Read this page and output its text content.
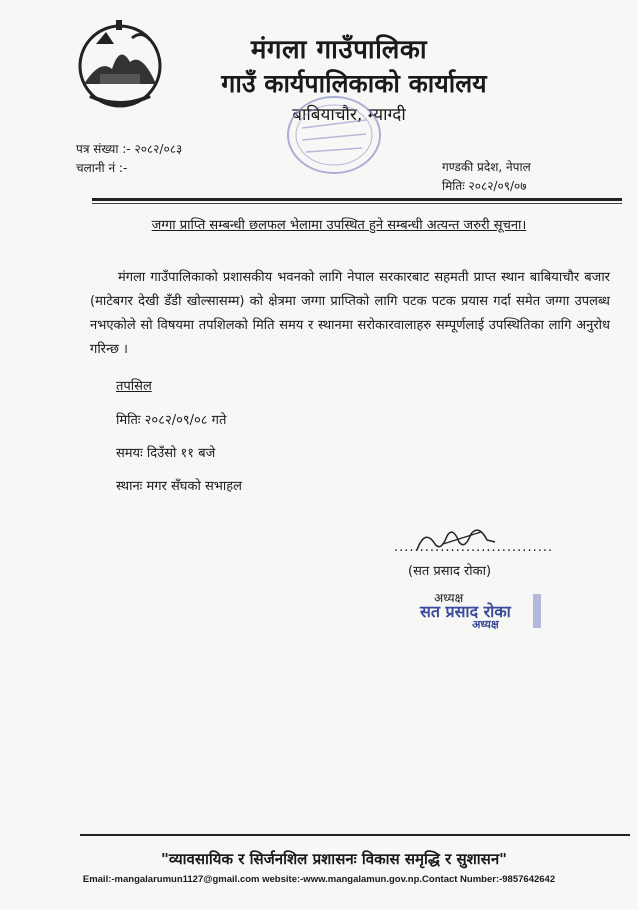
मंगला गाउँपालिका
गाउँ कार्यपालिकाको कार्यालय
बाबियाचौर, म्याग्दी
पत्र संख्या :- २०८२/०८३
चलानी नं :-	गण्डकी प्रदेश, नेपाल
मितिः २०८२/०९/०७
जग्गा प्राप्ति सम्बन्धी छलफल भेलामा उपस्थित हुने सम्बन्धी अत्यन्त जरुरी सूचना।
मंगला गाउँपालिकाको प्रशासकीय भवनको लागि नेपाल सरकारबाट सहमती प्राप्त स्थान बाबियाचौर बजार (माटेबगर देखी डँडी खोल्सासम्म) को क्षेत्रमा जग्गा प्राप्तिको लागि पटक पटक प्रयास गर्दा समेत जग्गा उपलब्ध नभएकोले सो विषयमा तपशिलको मिति समय र स्थानमा सरोकारवालाहरु सम्पूर्णलाई उपस्थितिका लागि अनुरोध गरिन्छ ।
तपसिल
मितिः २०८२/०९/०८ गते
समयः दिउँसो ११ बजे
स्थानः मगर सँघको सभाहल
...............................
(सत प्रसाद रोका)
अध्यक्ष
सत प्रसाद रोका
अध्यक्ष
"व्यावसायिक र सिर्जनशिल प्रशासनः विकास समृद्धि र सुशासन"
Email:-mangalarumun1127@gmail.com website:-www.mangalamun.gov.np.Contact Number:-9857642642
